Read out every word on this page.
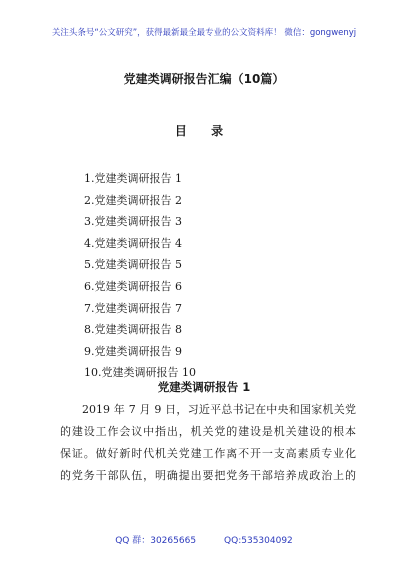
关注头条号“公文研究”，获得最新最全最专业的公文资料库！ 微信：gongwenyj
党建类调研报告汇编（10篇）
目 录
1.党建类调研报告 1
2.党建类调研报告 2
3.党建类调研报告 3
4.党建类调研报告 4
5.党建类调研报告 5
6.党建类调研报告 6
7.党建类调研报告 7
8.党建类调研报告 8
9.党建类调研报告 9
10.党建类调研报告 10
党建类调研报告 1

2019 年 7 月 9 日，习近平总书记在中央和国家机关党
的建设工作会议中指出，机关党的建设是机关建设的根本
保证。做好新时代机关党建工作离不开一支高素质专业化
的党务干部队伍，明确提出要把党务干部培养成政治上的

QQ 群：30265665	QQ:535304092
